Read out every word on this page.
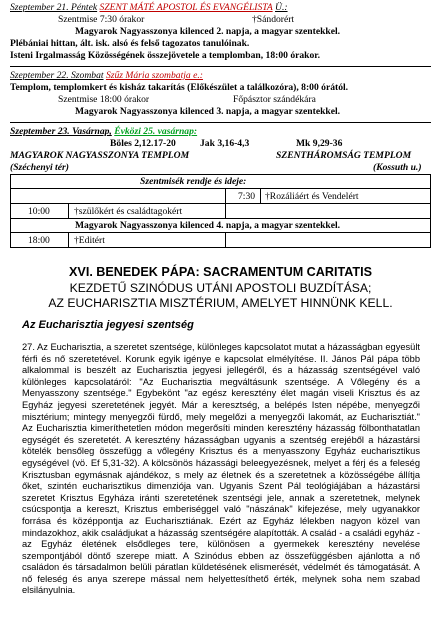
Szeptember 21. Péntek SZENT MÁTÉ APOSTOL ÉS EVANGÉLISTA Ü.:
Szentmise 7:30 órakor	†Sándorért
Magyarok Nagyasszonya kilenced 2. napja, a magyar szentekkel.
Plébániai hittan, ált. isk. alsó és felső tagozatos tanulóinak.
Isteni Irgalmasság Közösségének összejövetele a templomban, 18:00 órakor.
Szeptember 22. Szombat Szűz Mária szombatja e.:
Templom, templomkert és kisház takarítás (Előkészület a találkozóra), 8:00 órától.
Szentmise 18:00 órakor	Főpásztor szándékára
Magyarok Nagyasszonya kilenced 3. napja, a magyar szentekkel.
Szeptember 23. Vasárnap, Évközi 25. vasárnap:
Böles 2,12.17-20	Jak 3,16-4,3	Mk 9,29-36
MAGYAROK NAGYASSZONYA TEMPLOM	SZENTHÁROMSÁG TEMPLOM
(Széchenyi tér)	(Kossuth u.)
Szentmisék rendje és ideje:
7:30 †Rozáliáért és Vendelért
10:00	†szülőkért és családtagokért
Magyarok Nagyasszonya kilenced 4. napja, a magyar szentekkel.
18:00	†Editért
XVI. BENEDEK PÁPA: SACRAMENTUM CARITATIS
KEZDETŰ SZINÓDUS UTÁNI APOSTOLI BUZDÍTÁSA;
AZ EUCHARISZTIA MISZTÉRIUM, AMELYET HINNÜNK KELL.
Az Eucharisztia jegyesi szentség

27. Az Eucharisztia, a szeretet szentsége, különleges kapcsolatot mutat a házasságban egyesült férfi és nő szeretetével. Korunk egyik igénye e kapcsolat elmélyítése. II. János Pál pápa több alkalommal is beszélt az Eucharisztia jegyesi jellegéről, és a házasság szentségével való különleges kapcsolatáról: "Az Eucharisztia megváltásunk szentsége. A Vőlegény és a Menyasszony szentsége." Egybekönt "az egész keresztény élet magán viseli Krisztus és az Egyház jegyesi szeretetének jegyét. Már a keresztség, a belépés Isten népébe, menyegzői misztérium; mintegy menyegzői fürdő, mely megelőzi a menyegzői lakomát, az Eucharisztiát." Az Eucharisztia kimeríthetetlen módon megerősíti minden keresztény házasság fölbonthatatlan egységét és szeretetét. A keresztény házasságban ugyanis a szentség erejéből a házastársi kötelék bensőleg összefügg a vőlegény Krisztus és a menyasszony Egyház eucharisztikus egységével (vö. Ef 5,31-32). A kölcsönös házassági beleegyezésnek, melyet a férj és a feleség Krisztusban egymásnak ajándékoz, s mely az életnek és a szeretetnek a közösségébe állítja őket, szintén eucharisztikus dimenziója van. Ugyanis Szent Pál teológiájában a házastársi szeretet Krisztus Egyháza iránti szeretetének szentségi jele, annak a szeretetnek, melynek csúcspontja a kereszt, Krisztus emberiséggel való "nászának" kifejezése, mely ugyanakkor forrása és középpontja az Eucharisztiának. Ezért az Egyház lélekben nagyon közel van mindazokhoz, akik családjukat a házasság szentségére alapították. A család - a családi egyház - az Egyház életének elsődleges tere, különösen a gyermekek keresztény nevelése szempontjából döntő szerepe miatt. A Szinódus ebben az összefüggésben ajánlotta a nő családon és társadalmon belüli páratlan küldetésének elismerését, védelmét és támogatását. A nő feleség és anya szerepe mással nem helyettesíthető érték, melynek soha nem szabad elsilányulnia.
